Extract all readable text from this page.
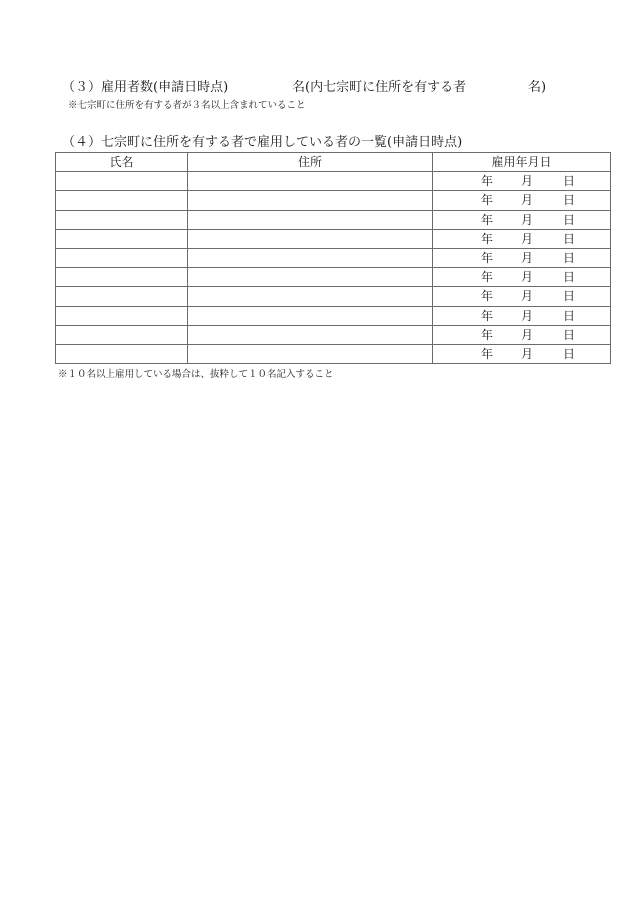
（３）雇用者数(申請日時点)	名(内七宗町に住所を有する者	名)
※七宗町に住所を有する者が３名以上含まれていること
（４）七宗町に住所を有する者で雇用している者の一覧(申請日時点)
氏名	住所	雇用年月日

		年 月 日

		年 月 日

		年 月 日

		年 月 日

		年 月 日

		年 月 日

		年 月 日

		年 月 日

		年 月 日

		年 月 日
※１０名以上雇用している場合は、抜粋して１０名記入すること
